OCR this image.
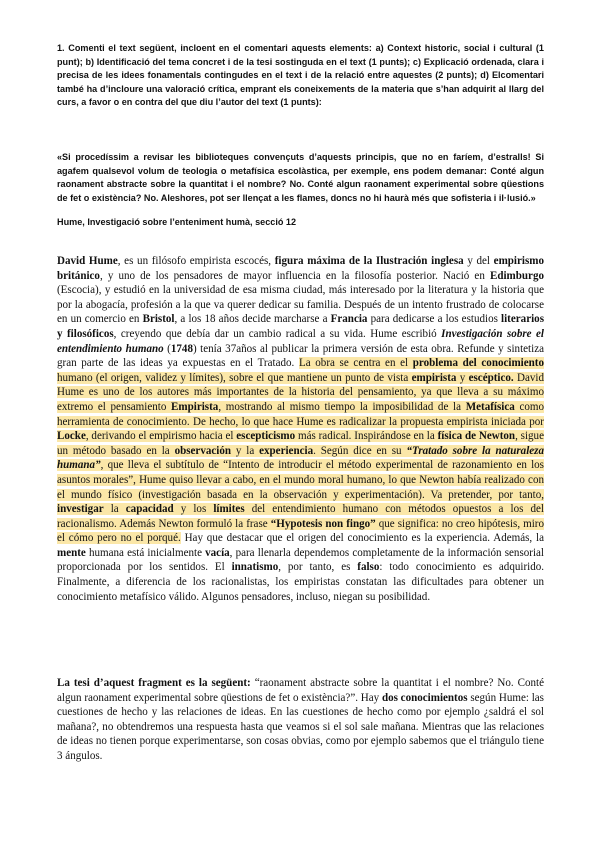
1. Comenti el text següent, incloent en el comentari aquests elements: a) Context historic, social i cultural (1 punt); b) Identificació del tema concret i de la tesi sostinguda en el text (1 punts); c) Explicació ordenada, clara i precisa de les idees fonamentals contingudes en el text i de la relació entre aquestes (2 punts); d) Elcomentari també ha d’incloure una valoració crítica, emprant els coneixements de la materia que s’han adquirit al llarg del curs, a favor o en contra del que diu l’autor del text (1 punts):
«Si procedíssim a revisar les biblioteques convençuts d’aquests principis, que no en faríem, d’estralls! Si agafem qualsevol volum de teologia o metafísica escolàstica, per exemple, ens podem demanar: Conté algun raonament abstracte sobre la quantitat i el nombre? No. Conté algun raonament experimental sobre qüestions de fet o existència? No. Aleshores, pot ser llençat a les flames, doncs no hi haurà més que sofisteria i il·lusió.»
Hume, Investigació sobre l’enteniment humà, secció 12
David Hume, es un filósofo empirista escocés, figura máxima de la Ilustración inglesa y del empirismo británico, y uno de los pensadores de mayor influencia en la filosofía posterior. Nació en Edimburgo (Escocia), y estudió en la universidad de esa misma ciudad, más interesado por la literatura y la historia que por la abogacía, profesión a la que va querer dedicar su familia. Después de un intento frustrado de colocarse en un comercio en Bristol, a los 18 años decide marcharse a Francia para dedicarse a los estudios literarios y filosóficos, creyendo que debía dar un cambio radical a su vida. Hume escribió Investigación sobre el entendimiento humano (1748) tenía 37años al publicar la primera versión de esta obra. Refunde y sintetiza gran parte de las ideas ya expuestas en el Tratado. La obra se centra en el problema del conocimiento humano (el origen, validez y límites), sobre el que mantiene un punto de vista empirista y escéptico. David Hume es uno de los autores más importantes de la historia del pensamiento, ya que lleva a su máximo extremo el pensamiento Empirista, mostrando al mismo tiempo la imposibilidad de la Metafísica como herramienta de conocimiento. De hecho, lo que hace Hume es radicalizar la propuesta empirista iniciada por Locke, derivando el empirismo hacia el escepticismo más radical. Inspirándose en la física de Newton, sigue un método basado en la observación y la experiencia. Según dice en su “Tratado sobre la naturaleza humana”, que lleva el subtítulo de “Intento de introducir el método experimental de razonamiento en los asuntos morales”, Hume quiso llevar a cabo, en el mundo moral humano, lo que Newton había realizado con el mundo físico (investigación basada en la observación y experimentación). Va pretender, por tanto, investigar la capacidad y los límites del entendimiento humano con métodos opuestos a los del racionalismo. Además Newton formuló la frase “Hypotesis non fingo” que significa: no creo hipótesis, miro el cómo pero no el porqué. Hay que destacar que el origen del conocimiento es la experiencia. Además, la mente humana está inicialmente vacía, para llenarla dependemos completamente de la información sensorial proporcionada por los sentidos. El innatismo, por tanto, es falso: todo conocimiento es adquirido. Finalmente, a diferencia de los racionalistas, los empiristas constatan las dificultades para obtener un conocimiento metafísico válido. Algunos pensadores, incluso, niegan su posibilidad.
La tesi d’aquest fragment es la següent: “raonament abstracte sobre la quantitat i el nombre? No. Conté algun raonament experimental sobre qüestions de fet o existència?”. Hay dos conocimientos según Hume: las cuestiones de hecho y las relaciones de ideas. En las cuestiones de hecho como por ejemplo ¿saldrá el sol mañana?, no obtendremos una respuesta hasta que veamos si el sol sale mañana. Mientras que las relaciones de ideas no tienen porque experimentarse, son cosas obvias, como por ejemplo sabemos que el triángulo tiene 3 ángulos.
